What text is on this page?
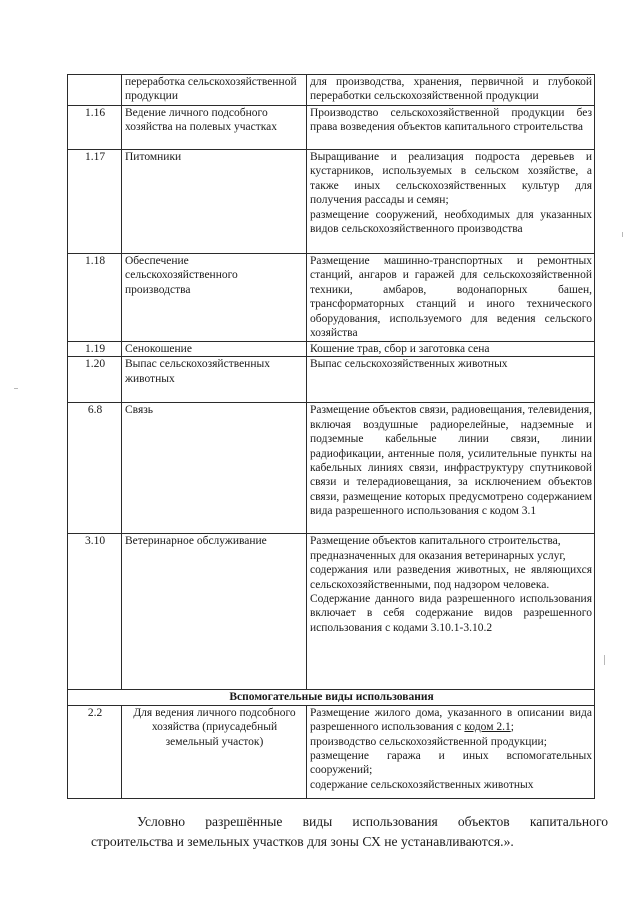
	переработка сельскохозяйственной продукции	для производства, хранения, первичной и глубокой переработки сельскохозяйственной продукции

1.16	Ведение личного подсобного хозяйства на полевых участках	Производство сельскохозяйственной продукции без права возведения объектов капитального строительства

1.17	Питомники	Выращивание и реализация подроста деревьев и кустарников, используемых в сельском хозяйстве, а также иных сельскохозяйственных культур для получения рассады и семян;

размещение сооружений, необходимых для указанных видов сельскохозяйственного производства

1.18	Обеспечение сельскохозяйственного производства	Размещение машинно-транспортных и ремонтных станций, ангаров и гаражей для сельскохозяйственной техники, амбаров, водонапорных башен, трансформаторных станций и иного технического оборудования, используемого для ведения сельского хозяйства

1.19	Сенокошение	Кошение трав, сбор и заготовка сена

1.20	Выпас сельскохозяйственных животных	Выпас сельскохозяйственных животных

6.8	Связь	Размещение объектов связи, радиовещания, телевидения, включая воздушные радиорелейные, надземные и подземные кабельные линии связи, линии радиофикации, антенные поля, усилительные пункты на кабельных линиях связи, инфраструктуру спутниковой связи и телерадиовещания, за исключением объектов связи, размещение которых предусмотрено содержанием вида разрешенного использования с кодом 3.1

3.10	Ветеринарное обслуживание	Размещение объектов капитального строительства,

предназначенных для оказания ветеринарных услуг,

содержания или разведения животных, не являющихся сельскохозяйственными, под надзором человека.

Содержание данного вида разрешенного использования включает в себя содержание видов разрешенного использования с кодами 3.10.1-3.10.2

Вспомогательные виды использования		
2.2	Для ведения личного подсобного хозяйства (приусадебный земельный участок)	Размещение жилого дома, указанного в описании вида разрешенного использования с кодом 2.1;

производство сельскохозяйственной продукции;

размещение гаража и иных вспомогательных сооружений;

содержание сельскохозяйственных животных

Условно разрешённые виды использования объектов капитального

строительства и земельных участков для зоны СХ не устанавливаются.».
